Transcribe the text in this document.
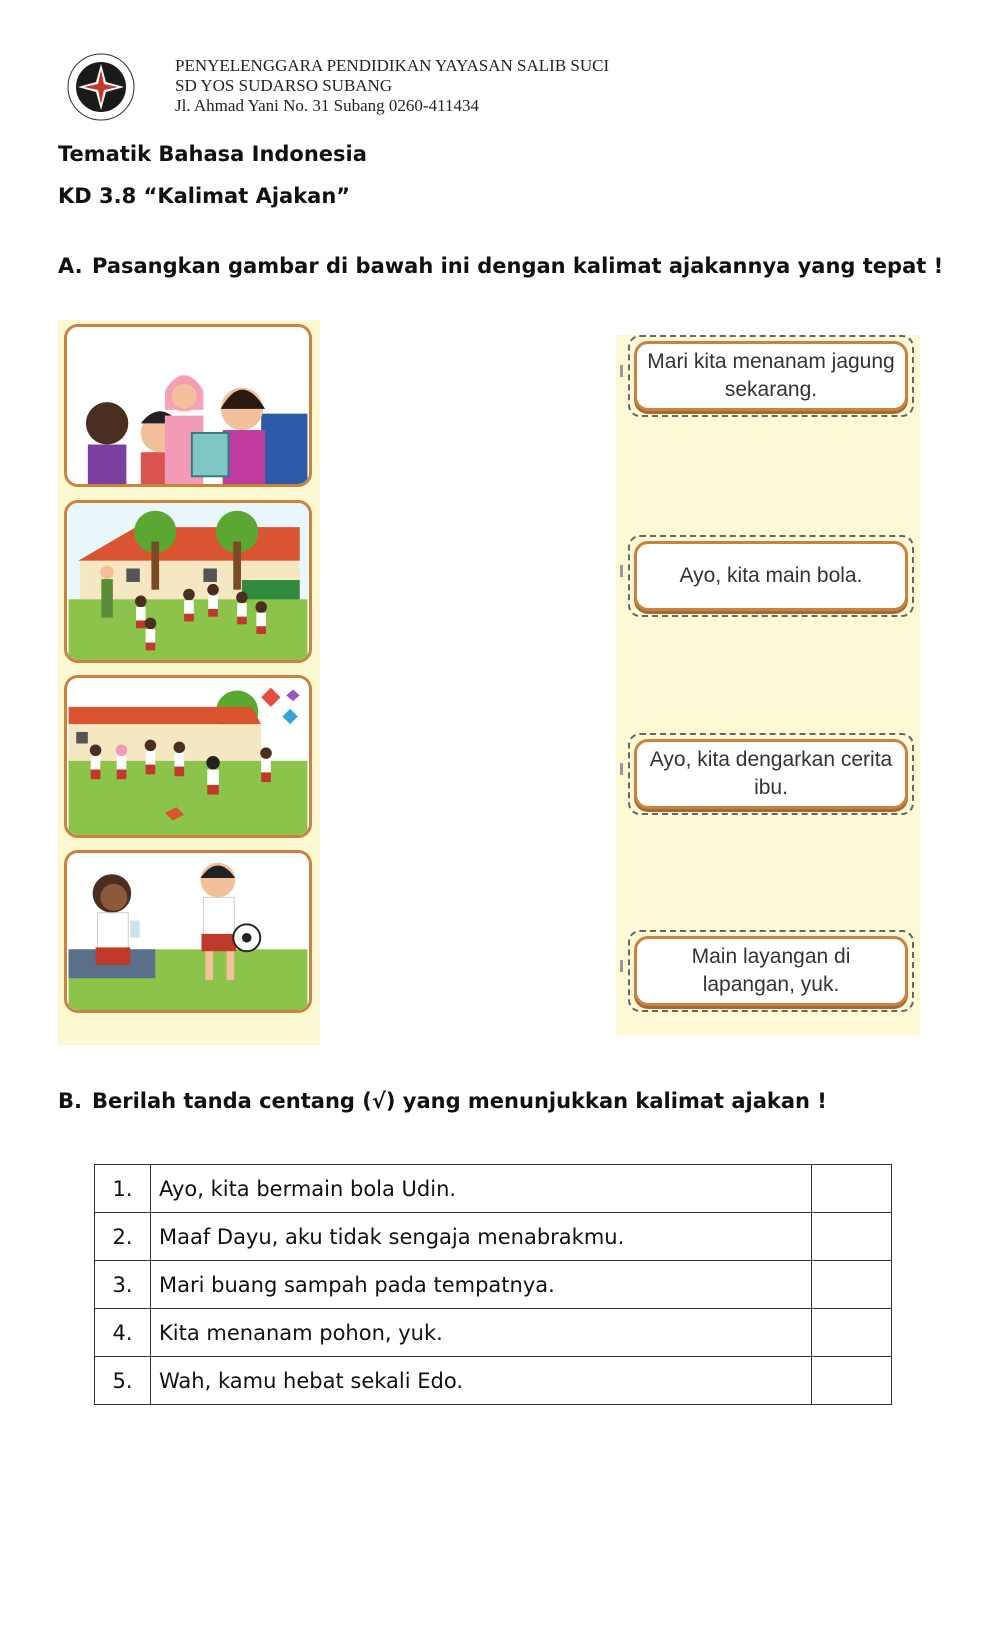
PENYELENGGARA PENDIDIKAN YAYASAN SALIB SUCI
SD YOS SUDARSO SUBANG
Jl. Ahmad Yani No. 31 Subang 0260-411434
Tematik Bahasa Indonesia
KD 3.8 “Kalimat Ajakan”
A. Pasangkan gambar di bawah ini dengan kalimat ajakannya yang tepat !
Mari kita menanam jagung sekarang.
Ayo, kita main bola.
Ayo, kita dengarkan cerita ibu.
Main layangan di lapangan, yuk.
B. Berilah tanda centang (√) yang menunjukkan kalimat ajakan !
1.	Ayo, kita bermain bola Udin.	
2.	Maaf Dayu, aku tidak sengaja menabrakmu.	
3.	Mari buang sampah pada tempatnya.	
4.	Kita menanam pohon, yuk.	
5.	Wah, kamu hebat sekali Edo.	
